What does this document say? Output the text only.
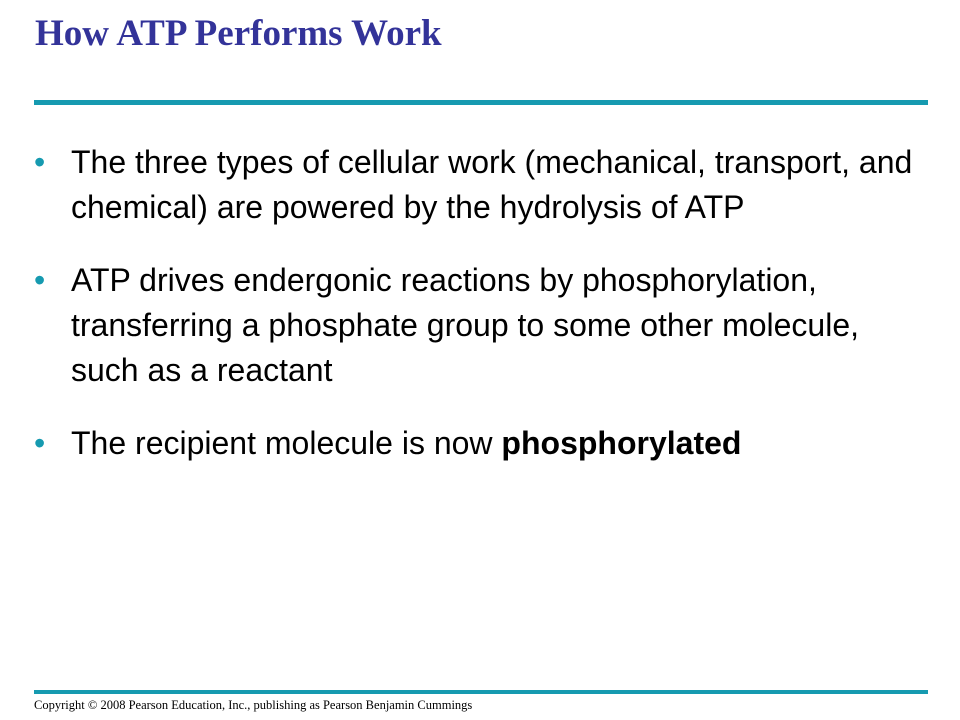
How ATP Performs Work
• The three types of cellular work (mechanical, transport, and chemical) are powered by the hydrolysis of ATP
• ATP drives endergonic reactions by phosphorylation, transferring a phosphate group to some other molecule, such as a reactant
• The recipient molecule is now phosphorylated
Copyright © 2008 Pearson Education, Inc., publishing as Pearson Benjamin Cummings
